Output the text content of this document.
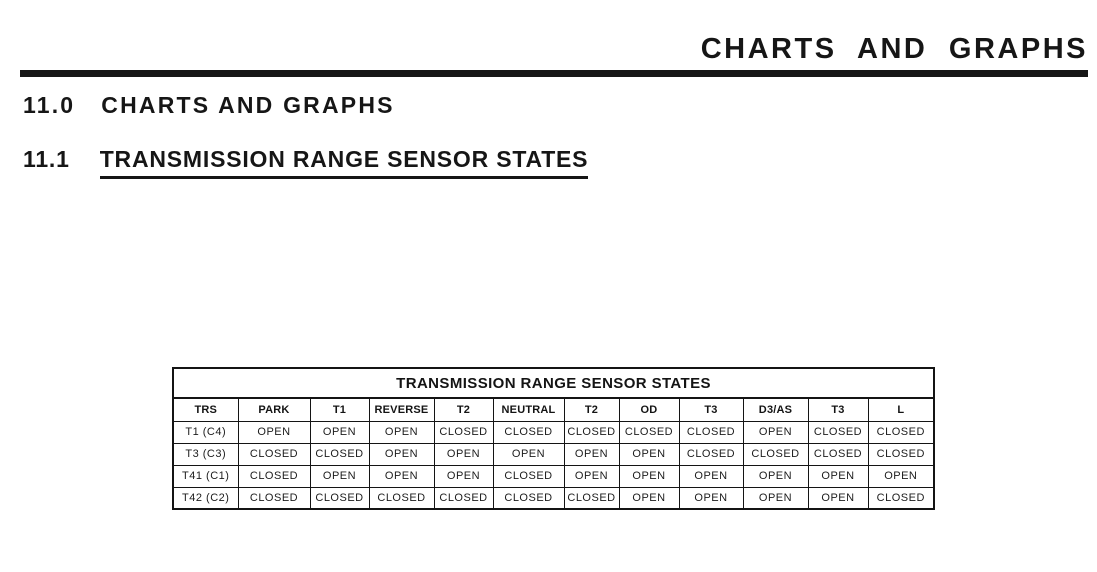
CHARTS AND GRAPHS
11.0 CHARTS AND GRAPHS
11.1 TRANSMISSION RANGE SENSOR STATES
TRANSMISSION RANGE SENSOR STATES											
TRS	PARK	T1	REVERSE	T2	NEUTRAL	T2	OD	T3	D3/AS	T3	L
T1 (C4)	OPEN	OPEN	OPEN	CLOSED	CLOSED	CLOSED	CLOSED	CLOSED	OPEN	CLOSED	CLOSED
T3 (C3)	CLOSED	CLOSED	OPEN	OPEN	OPEN	OPEN	OPEN	CLOSED	CLOSED	CLOSED	CLOSED
T41 (C1)	CLOSED	OPEN	OPEN	OPEN	CLOSED	OPEN	OPEN	OPEN	OPEN	OPEN	OPEN
T42 (C2)	CLOSED	CLOSED	CLOSED	CLOSED	CLOSED	CLOSED	OPEN	OPEN	OPEN	OPEN	CLOSED
